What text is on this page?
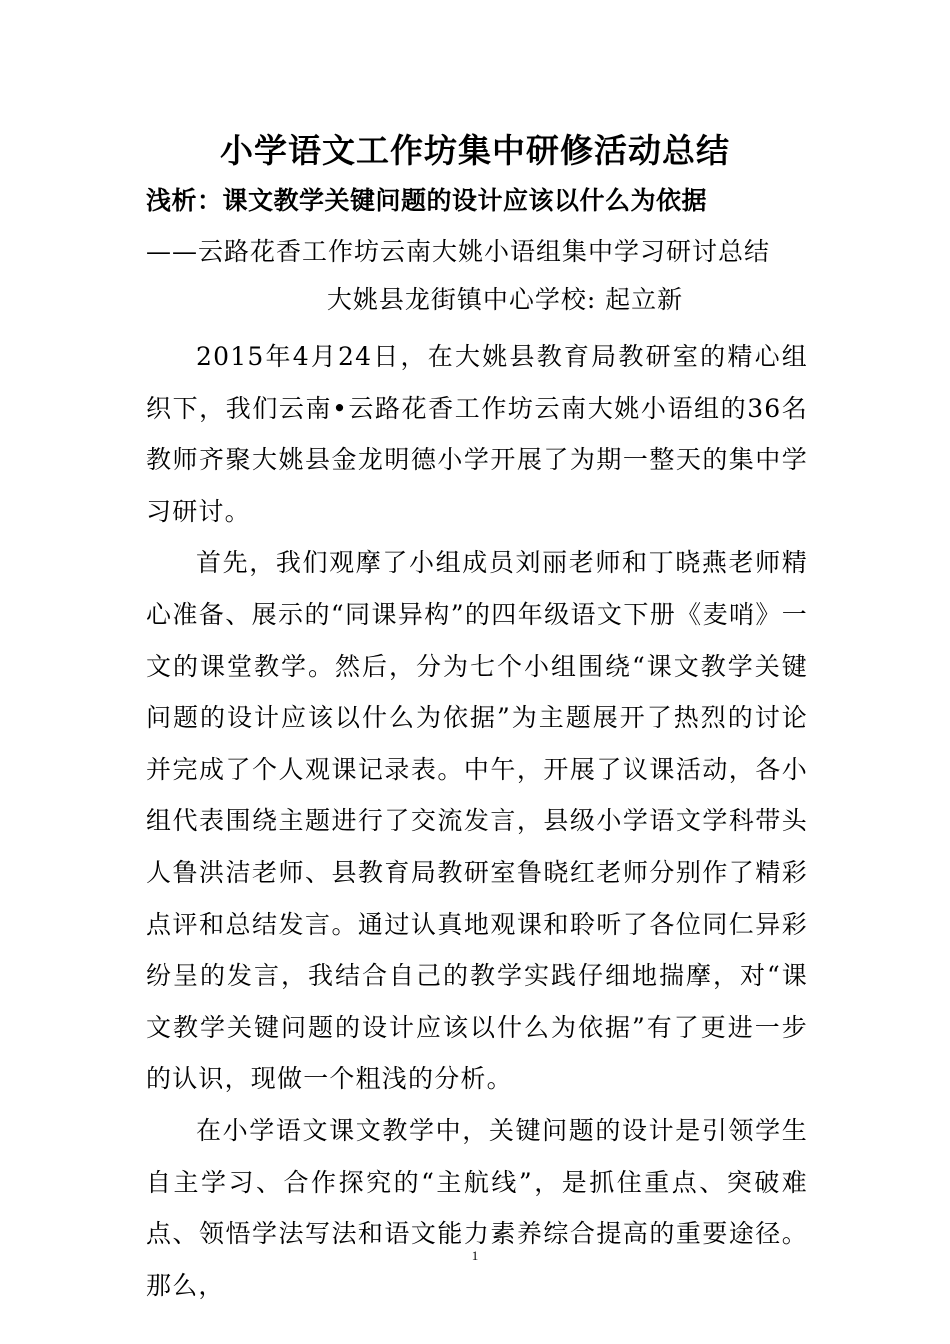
小学语文工作坊集中研修活动总结
浅析：课文教学关键问题的设计应该以什么为依据
——云路花香工作坊云南大姚小语组集中学习研讨总结
大姚县龙街镇中心学校: 起立新

2015年4月24日，在大姚县教育局教研室的精心组织下，我们云南•云路花香工作坊云南大姚小语组的36名教师齐聚大姚县金龙明德小学开展了为期一整天的集中学习研讨。

首先，我们观摩了小组成员刘丽老师和丁晓燕老师精心准备、展示的“同课异构”的四年级语文下册《麦哨》一文的课堂教学。然后，分为七个小组围绕“课文教学关键问题的设计应该以什么为依据”为主题展开了热烈的讨论并完成了个人观课记录表。中午，开展了议课活动，各小组代表围绕主题进行了交流发言，县级小学语文学科带头人鲁洪洁老师、县教育局教研室鲁晓红老师分别作了精彩点评和总结发言。通过认真地观课和聆听了各位同仁异彩纷呈的发言，我结合自己的教学实践仔细地揣摩，对“课文教学关键问题的设计应该以什么为依据”有了更进一步的认识，现做一个粗浅的分析。

在小学语文课文教学中，关键问题的设计是引领学生自主学习、合作探究的“主航线”，是抓住重点、突破难点、领悟学法写法和语文能力素养综合提高的重要途径。那么，

1
